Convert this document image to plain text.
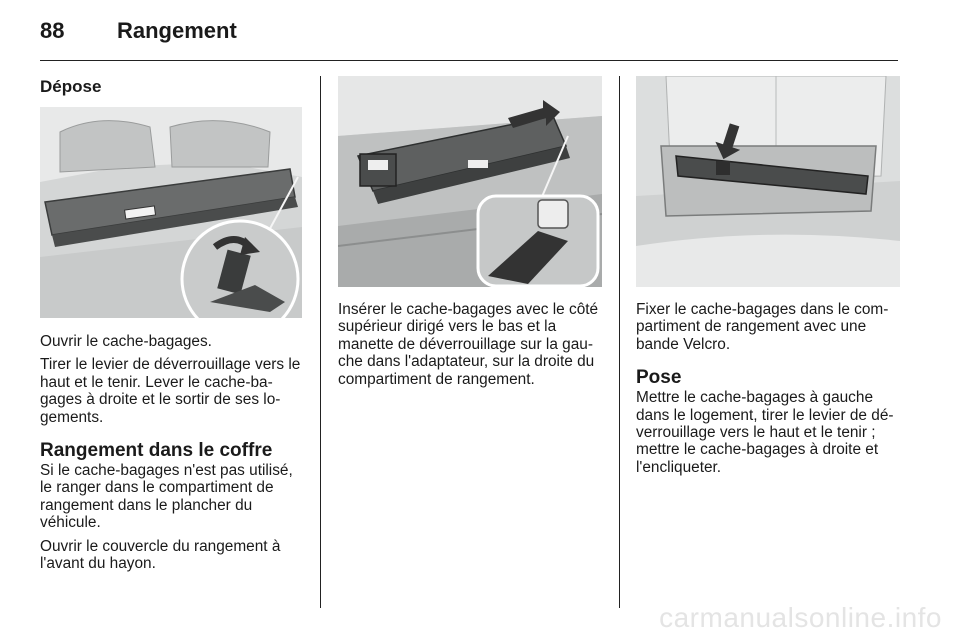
88 Rangement
Dépose

Ouvrir le cache-bagages.

Tirer le levier de déverrouillage vers le haut et le tenir. Lever le cache-ba-gages à droite et le sortir de ses lo-gements.

Rangement dans le coffre

Si le cache-bagages n'est pas utilisé, le ranger dans le compartiment de rangement dans le plancher du véhicule.

Ouvrir le couvercle du rangement à l'avant du hayon.

Insérer le cache-bagages avec le côté supérieur dirigé vers le bas et la manette de déverrouillage sur la gau-che dans l'adaptateur, sur la droite du compartiment de rangement.

Fixer le cache-bagages dans le com-partiment de rangement avec une bande Velcro.

Pose

Mettre le cache-bagages à gauche dans le logement, tirer le levier de dé-verrouillage vers le haut et le tenir ; mettre le cache-bagages à droite et l'encliqueter.

carmanualsonline.info
